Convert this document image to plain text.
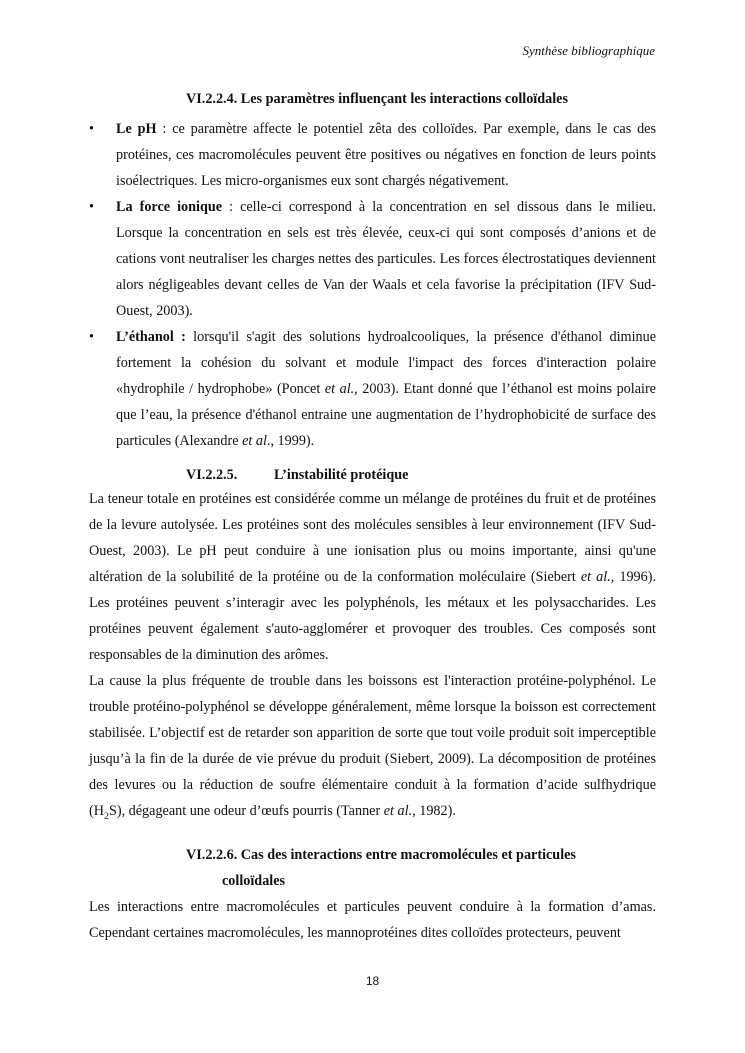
Synthèse bibliographique

VI.2.2.4. Les paramètres influençant les interactions colloïdales

• Le pH : ce paramètre affecte le potentiel zêta des colloïdes. Par exemple, dans le cas des protéines, ces macromolécules peuvent être positives ou négatives en fonction de leurs points isoélectriques. Les micro-organismes eux sont chargés négativement.
• La force ionique : celle-ci correspond à la concentration en sel dissous dans le milieu. Lorsque la concentration en sels est très élevée, ceux-ci qui sont composés d’anions et de cations vont neutraliser les charges nettes des particules. Les forces électrostatiques deviennent alors négligeables devant celles de Van der Waals et cela favorise la précipitation (IFV Sud-Ouest, 2003).
• L’éthanol : lorsqu'il s'agit des solutions hydroalcooliques, la présence d'éthanol diminue fortement la cohésion du solvant et module l'impact des forces d'interaction polaire «hydrophile / hydrophobe» (Poncet et al., 2003). Etant donné que l’éthanol est moins polaire que l’eau, la présence d'éthanol entraine une augmentation de l’hydrophobicité de surface des particules (Alexandre et al., 1999).

VI.2.2.5.	L’instabilité protéique

La teneur totale en protéines est considérée comme un mélange de protéines du fruit et de protéines de la levure autolysée. Les protéines sont des molécules sensibles à leur environnement (IFV Sud-Ouest, 2003). Le pH peut conduire à une ionisation plus ou moins importante, ainsi qu'une altération de la solubilité de la protéine ou de la conformation moléculaire (Siebert et al., 1996). Les protéines peuvent s’interagir avec les polyphénols, les métaux et les polysaccharides. Les protéines peuvent également s'auto-agglomérer et provoquer des troubles. Ces composés sont responsables de la diminution des arômes.

La cause la plus fréquente de trouble dans les boissons est l'interaction protéine-polyphénol. Le trouble protéino-polyphénol se développe généralement, même lorsque la boisson est correctement stabilisée. L’objectif est de retarder son apparition de sorte que tout voile produit soit imperceptible jusqu’à la fin de la durée de vie prévue du produit (Siebert, 2009). La décomposition de protéines des levures ou la réduction de soufre élémentaire conduit à la formation d’acide sulfhydrique $(H_2S)$, dégageant une odeur d’œufs pourris (Tanner et al., 1982).

VI.2.2.6. Cas des interactions entre macromolécules et particules
colloïdales

Les interactions entre macromolécules et particules peuvent conduire à la formation d’amas. Cependant certaines macromolécules, les mannoprotéines dites colloïdes protecteurs, peuvent

18
